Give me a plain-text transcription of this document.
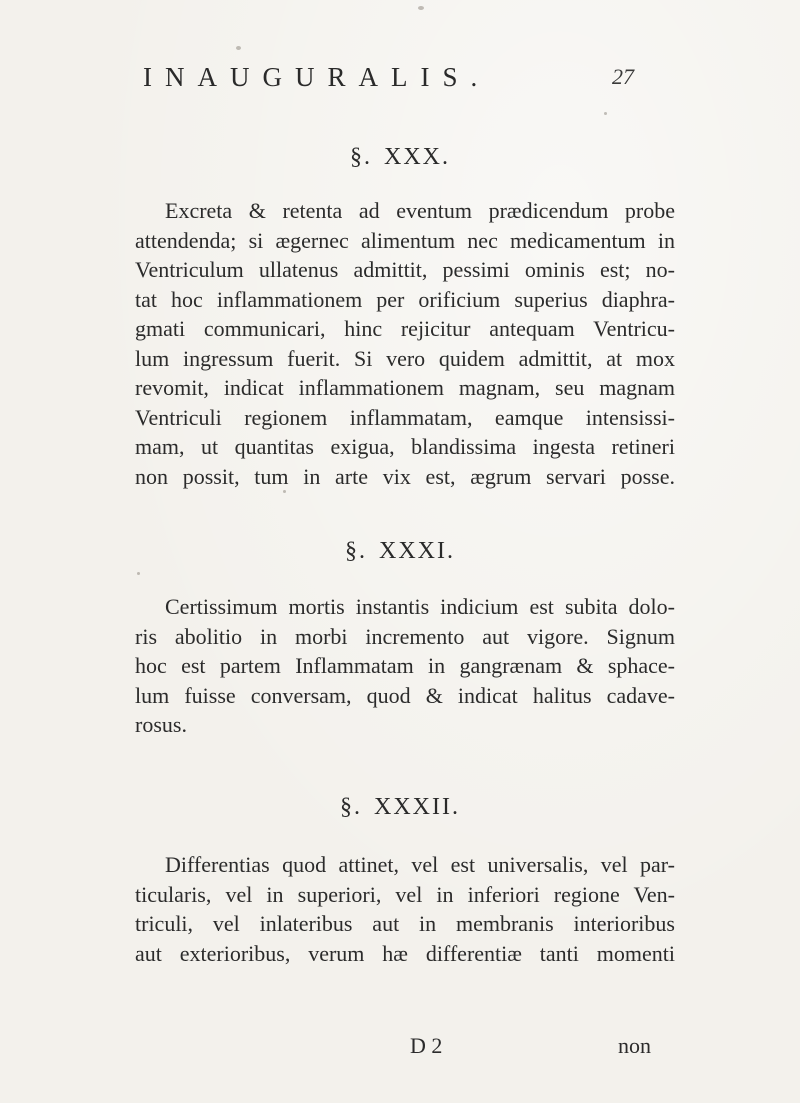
INAUGURALIS.	27
§. XXX.
Excreta & retenta ad eventum prædicendum probe
attendenda; si ægernec alimentum nec medicamentum in
Ventriculum ullatenus admittit, pessimi ominis est; no-
tat hoc inflammationem per orificium superius diaphra-
gmati communicari, hinc rejicitur antequam Ventricu-
lum ingressum fuerit. Si vero quidem admittit, at mox
revomit, indicat inflammationem magnam, seu magnam
Ventriculi regionem inflammatam, eamque intensissi-
mam, ut quantitas exigua, blandissima ingesta retineri
non possit, tum in arte vix est, ægrum servari posse.
§. XXXI.
Certissimum mortis instantis indicium est subita dolo-
ris abolitio in morbi incremento aut vigore. Signum
hoc est partem Inflammatam in gangrænam & sphace-
lum fuisse conversam, quod & indicat halitus cadave-
rosus.
§. XXXII.
Differentias quod attinet, vel est universalis, vel par-
ticularis, vel in superiori, vel in inferiori regione Ven-
triculi, vel inlateribus aut in membranis interioribus
aut exterioribus, verum hæ differentiæ tanti momenti
D 2	non
